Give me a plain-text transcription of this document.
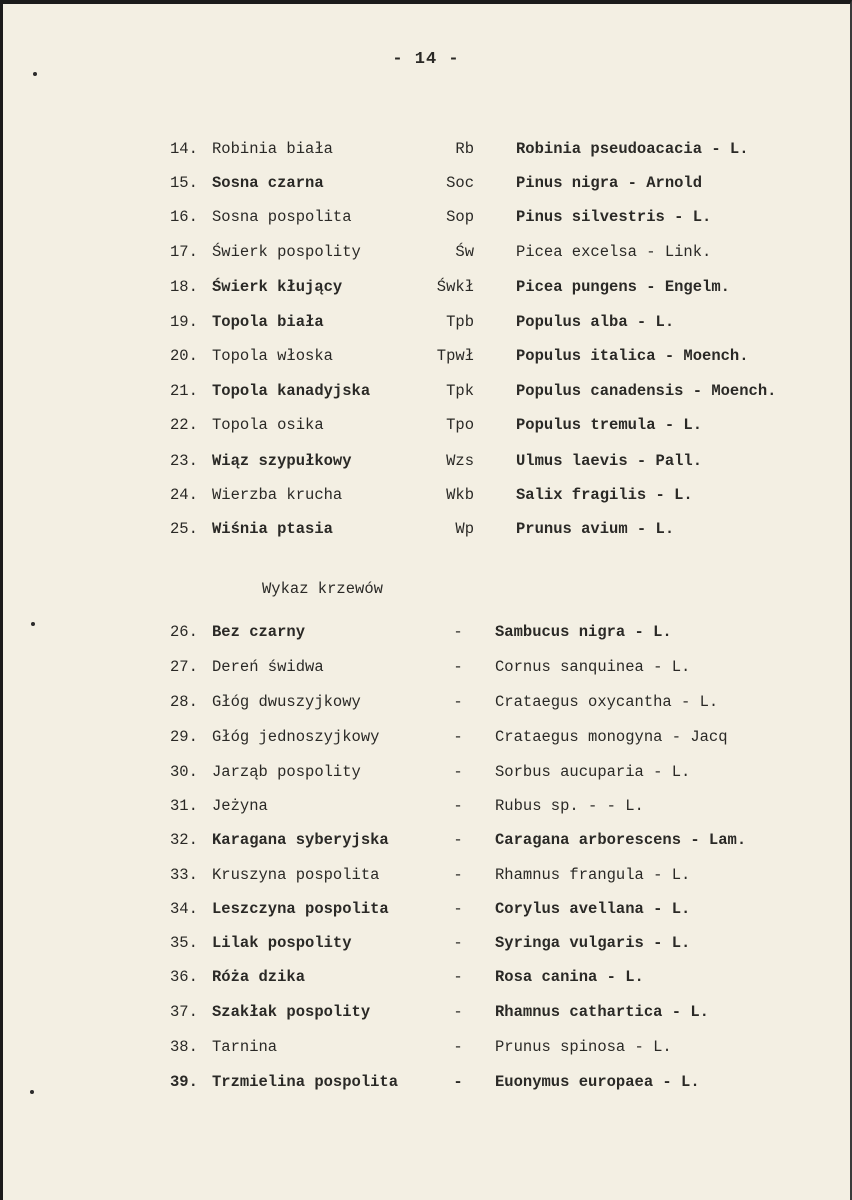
- 14 -
14. Robinia biała	Rb	Robinia pseudoacacia - L.
15. Sosna czarna	Soc	Pinus nigra - Arnold
16. Sosna pospolita	Sop	Pinus silvestris - L.
17. Świerk pospolity	Św	Picea excelsa - Link.
18. Świerk kłujący	Śwkł	Picea pungens - Engelm.
19. Topola biała	Tpb	Populus alba - L.
20. Topola włoska	Tpwł	Populus italica - Moench.
21. Topola kanadyjska	Tpk	Populus canadensis - Moench.
22. Topola osika	Tpo	Populus tremula - L.
23. Wiąz szypułkowy	Wzs	Ulmus laevis - Pall.
24. Wierzba krucha	Wkb	Salix fragilis - L.
25. Wiśnia ptasia	Wp	Prunus avium - L.
Wykaz krzewów
26. Bez czarny	-	Sambucus nigra - L.
27. Dereń świdwa	-	Cornus sanquinea - L.
28. Głóg dwuszyjkowy	-	Crataegus oxycantha - L.
29. Głóg jednoszyjkowy	-	Crataegus monogyna - Jacq
30. Jarząb pospolity	-	Sorbus aucuparia - L.
31. Jeżyna	-	Rubus sp. - - L.
32. Karagana syberyjska	-	Caragana arborescens - Lam.
33. Kruszyna pospolita	-	Rhamnus frangula - L.
34. Leszczyna pospolita	-	Corylus avellana - L.
35. Lilak pospolity	-	Syringa vulgaris - L.
36. Róża dzika	-	Rosa canina - L.
37. Szakłak pospolity	-	Rhamnus cathartica - L.
38. Tarnina	-	Prunus spinosa - L.
39. Trzmielina pospolita	-	Euonymus europaea - L.
